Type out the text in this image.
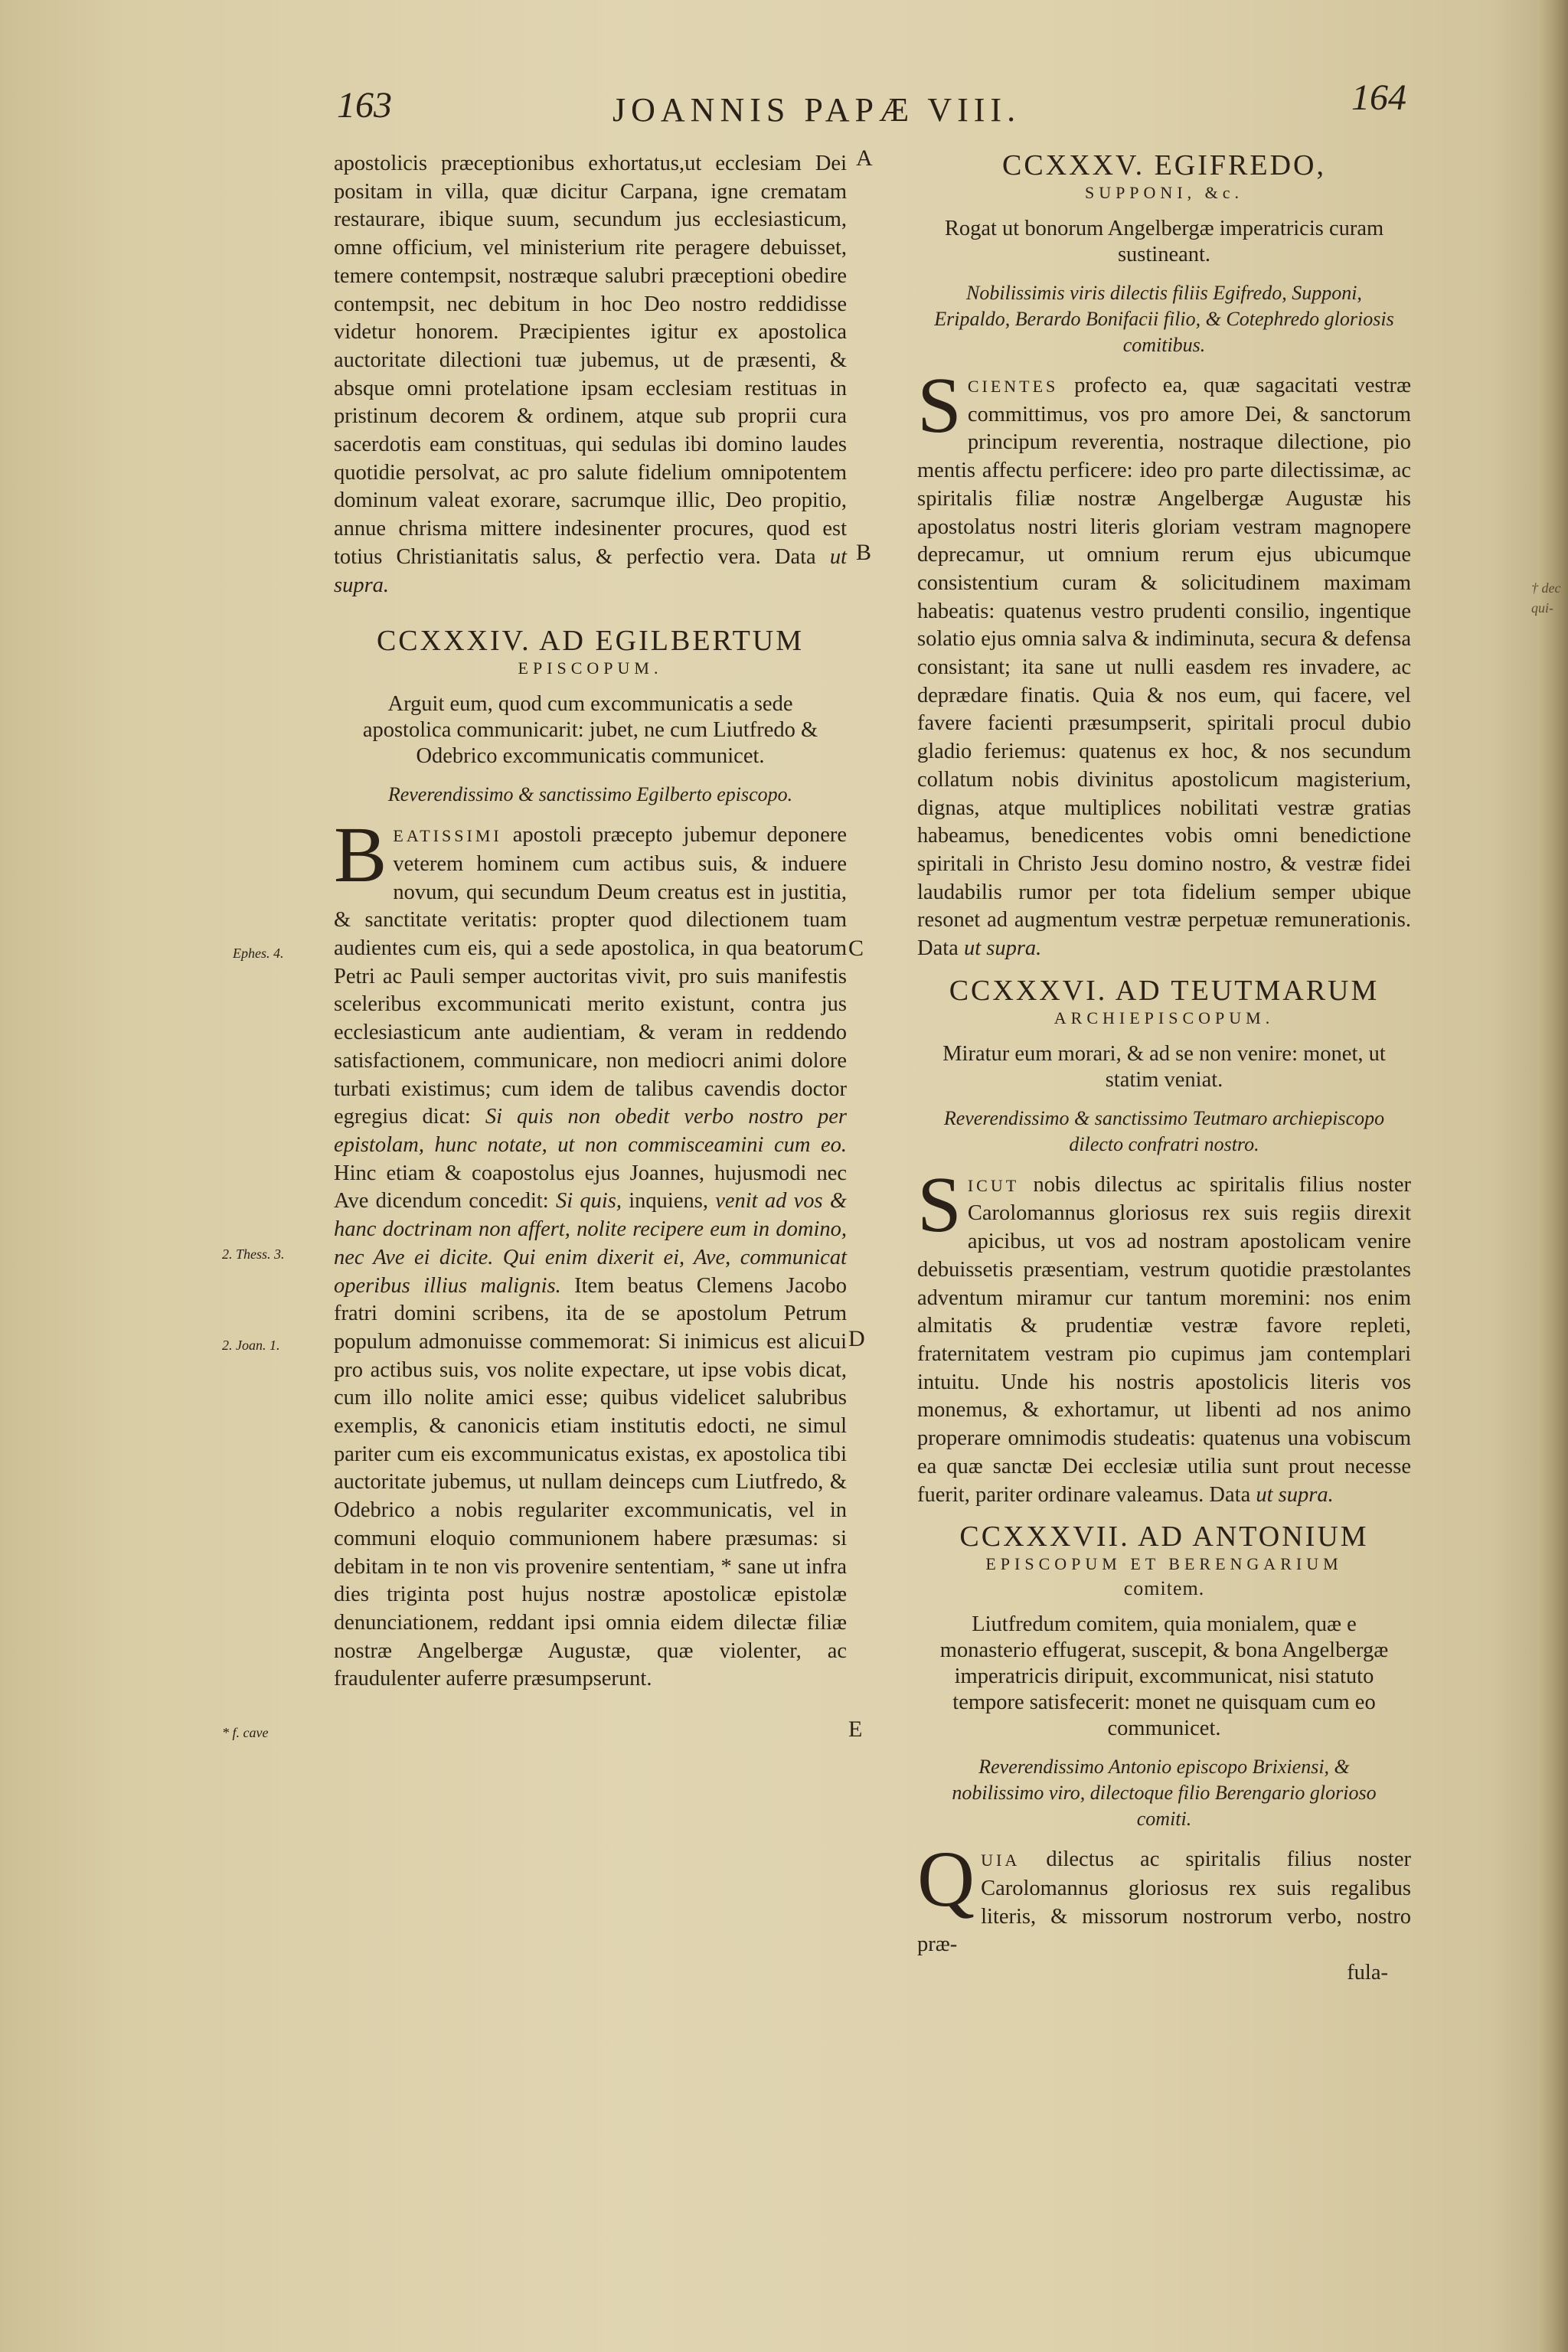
163	JOANNIS PAPÆ VIII.	164

apostolicis præceptionibus exhortatus,ut ecclesiam Dei positam in villa, quæ dicitur Carpana, igne crematam restaurare, ibique suum, secundum jus ecclesiasticum, omne officium, vel ministerium rite peragere debuisset, temere contempsit, nostræque salubri præceptioni obedire contempsit, nec debitum in hoc Deo nostro reddidisse videtur honorem. Præcipientes igitur ex apostolica auctoritate dilectioni tuæ jubemus, ut de præsenti, & absque omni protelatione ipsam ecclesiam restituas in pristinum decorem & ordinem, atque sub proprii cura sacerdotis eam constituas, qui sedulas ibi domino laudes quotidie persolvat, ac pro salute fidelium omnipotentem dominum valeat exorare, sacrumque illic, Deo propitio, annue chrisma mittere indesinenter procures, quod est totius Christianitatis salus, & perfectio vera. Data ut supra.

CCXXXIV. AD EGILBERTUM
EPISCOPUM.
Arguit eum, quod cum excommunicatis a sede apostolica communicarit: jubet, ne cum Liutfredo & Odebrico excommunicatis communicet.
Reverendissimo & sanctissimo Egilberto episcopo.
B EATISSIMI apostoli præcepto jubemur deponere veterem hominem cum actibus suis, & induere novum, qui secundum Deum creatus est in justitia, & sanctitate veritatis: propter quod dilectionem tuam audientes cum eis, qui a sede apostolica, in qua beatorum Petri ac Pauli semper auctoritas vivit, pro suis manifestis sceleribus excommunicati merito existunt, contra jus ecclesiasticum ante audientiam, & veram in reddendo satisfactionem, communicare, non mediocri animi dolore turbati existimus; cum idem de talibus cavendis doctor egregius dicat: Si quis non obedit verbo nostro per epistolam, hunc notate, ut non commisceamini cum eo. Hinc etiam & coapostolus ejus Joannes, hujusmodi nec Ave dicendum concedit: Si quis, inquiens, venit ad vos & hanc doctrinam non affert, nolite recipere eum in domino, nec Ave ei dicite. Qui enim dixerit ei, Ave, communicat operibus illius malignis. Item beatus Clemens Jacobo fratri domini scribens, ita de se apostolum Petrum populum admonuisse commemorat: Si inimicus est alicui pro actibus suis, vos nolite expectare, ut ipse vobis dicat, cum illo nolite amici esse; quibus videlicet salubribus exemplis, & canonicis etiam institutis edocti, ne simul pariter cum eis excommunicatus existas, ex apostolica tibi auctoritate jubemus, ut nullam deinceps cum Liutfredo, & Odebrico a nobis regulariter excommunicatis, vel in communi eloquio communionem habere præsumas: si debitam in te non vis provenire sententiam, * sane ut infra dies triginta post hujus nostræ apostolicæ epistolæ denunciationem, reddant ipsi omnia eidem dilectæ filiæ nostræ Angelbergæ Augustæ, quæ violenter, ac fraudulenter auferre præsumpserunt.
CCXXXV. EGIFREDO,
SUPPONI, &c.
Rogat ut bonorum Angelbergæ imperatricis curam sustineant.
Nobilissimis viris dilectis filiis Egifredo, Supponi, Eripaldo, Berardo Bonifacii filio, & Cotephredo gloriosis comitibus.
S CIENTES profecto ea, quæ sagacitati vestræ committimus, vos pro amore Dei, & sanctorum principum reverentia, nostraque dilectione, pio mentis affectu perficere: ideo pro parte dilectissimæ, ac spiritalis filiæ nostræ Angelbergæ Augustæ his apostolatus nostri literis gloriam vestram magnopere deprecamur, ut omnium rerum ejus ubicumque consistentium curam & solicitudinem maximam habeatis: quatenus vestro prudenti consilio, ingentique solatio ejus omnia salva & indiminuta, secura & defensa consistant; ita sane ut nulli easdem res invadere, ac deprædare finatis. Quia & nos eum, qui facere, vel favere facienti præsumpserit, spiritali procul dubio gladio feriemus: quatenus ex hoc, & nos secundum collatum nobis divinitus apostolicum magisterium, dignas, atque multiplices nobilitati vestræ gratias habeamus, benedicentes vobis omni benedictione spiritali in Christo Jesu domino nostro, & vestræ fidei laudabilis rumor per tota fidelium semper ubique resonet ad augmentum vestræ perpetuæ remunerationis. Data ut supra.
CCXXXVI. AD TEUTMARUM
ARCHIEPISCOPUM.
Miratur eum morari, & ad se non venire: monet, ut statim veniat.
Reverendissimo & sanctissimo Teutmaro archiepiscopo dilecto confratri nostro.
S ICUT nobis dilectus ac spiritalis filius noster Carolomannus gloriosus rex suis regiis direxit apicibus, ut vos ad nostram apostolicam venire debuissetis præsentiam, vestrum quotidie præstolantes adventum miramur cur tantum moremini: nos enim almitatis & prudentiæ vestræ favore repleti, fraternitatem vestram pio cupimus jam contemplari intuitu. Unde his nostris apostolicis literis vos monemus, & exhortamur, ut libenti ad nos animo properare omnimodis studeatis: quatenus una vobiscum ea quæ sanctæ Dei ecclesiæ utilia sunt prout necesse fuerit, pariter ordinare valeamus. Data ut supra.
CCXXXVII. AD ANTONIUM
EPISCOPUM ET BERENGARIUM
comitem.
Liutfredum comitem, quia monialem, quæ e monasterio effugerat, suscepit, & bona Angelbergæ imperatricis diripuit, excommunicat, nisi statuto tempore satisfecerit: monet ne quisquam cum eo communicet.
Reverendissimo Antonio episcopo Brixiensi, & nobilissimo viro, dilectoque filio Berengario glorioso comiti.
Q UIA dilectus ac spiritalis filius noster Carolomannus gloriosus rex suis regalibus literis, & missorum nostrorum verbo, nostro præ-
fula-
A
B
C
D
E
Ephes. 4.
2. Thess. 3.
2. Joan. 1.
* f. cave
† dec
qui-
